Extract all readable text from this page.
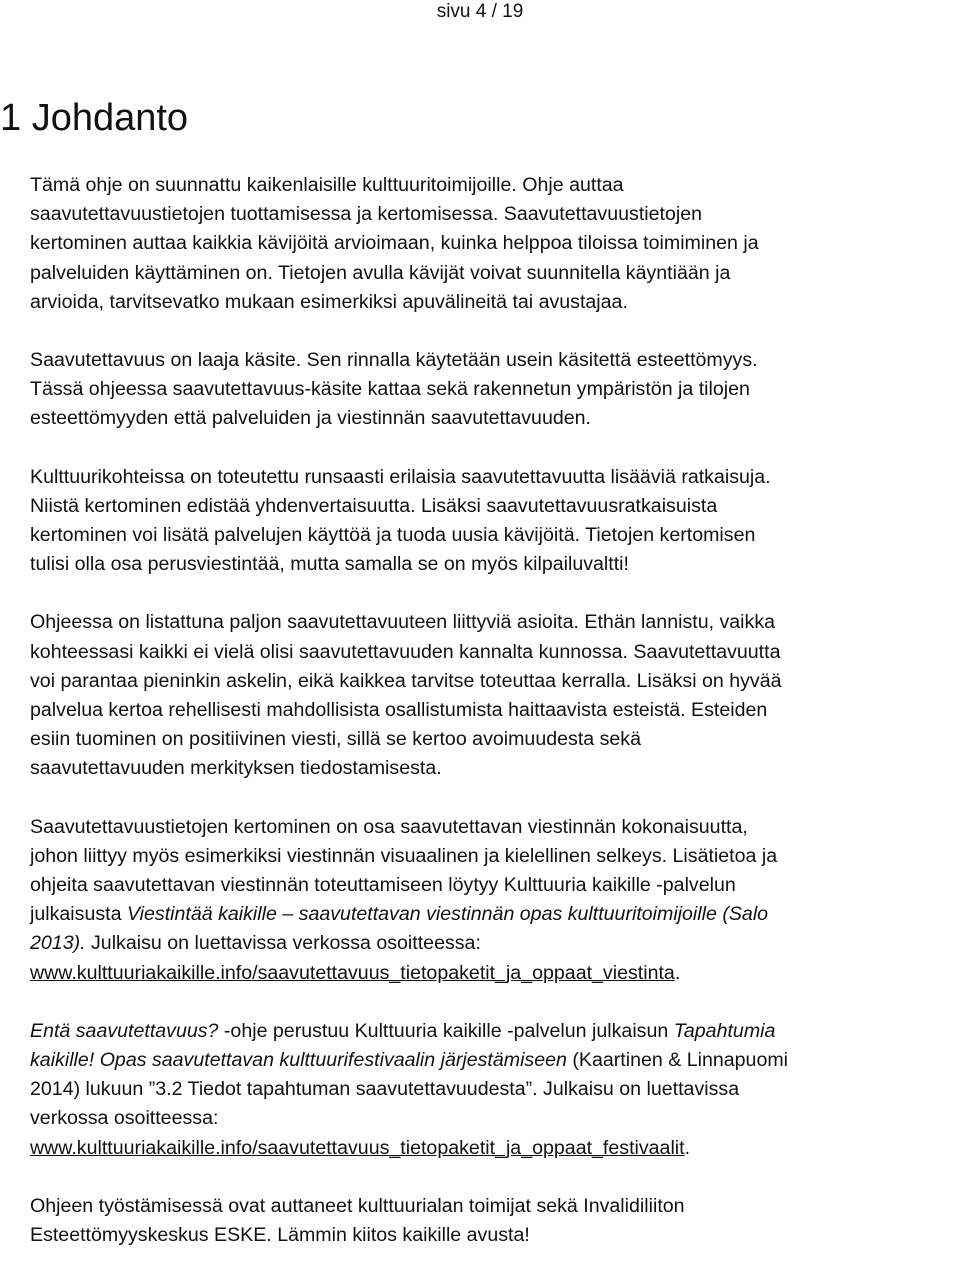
sivu 4 / 19
1 Johdanto

Tämä ohje on suunnattu kaikenlaisille kulttuuritoimijoille. Ohje auttaa
saavutettavuustietojen tuottamisessa ja kertomisessa. Saavutettavuustietojen
kertominen auttaa kaikkia kävijöitä arvioimaan, kuinka helppoa tiloissa toimiminen ja
palveluiden käyttäminen on. Tietojen avulla kävijät voivat suunnitella käyntiään ja
arvioida, tarvitsevatko mukaan esimerkiksi apuvälineitä tai avustajaa.

Saavutettavuus on laaja käsite. Sen rinnalla käytetään usein käsitettä esteettömyys.
Tässä ohjeessa saavutettavuus-käsite kattaa sekä rakennetun ympäristön ja tilojen
esteettömyyden että palveluiden ja viestinnän saavutettavuuden.

Kulttuurikohteissa on toteutettu runsaasti erilaisia saavutettavuutta lisääviä ratkaisuja.
Niistä kertominen edistää yhdenvertaisuutta. Lisäksi saavutettavuusratkaisuista
kertominen voi lisätä palvelujen käyttöä ja tuoda uusia kävijöitä. Tietojen kertomisen
tulisi olla osa perusviestintää, mutta samalla se on myös kilpailuvaltti!

Ohjeessa on listattuna paljon saavutettavuuteen liittyviä asioita. Ethän lannistu, vaikka
kohteessasi kaikki ei vielä olisi saavutettavuuden kannalta kunnossa. Saavutettavuutta
voi parantaa pieninkin askelin, eikä kaikkea tarvitse toteuttaa kerralla. Lisäksi on hyvää
palvelua kertoa rehellisesti mahdollisista osallistumista haittaavista esteistä. Esteiden
esiin tuominen on positiivinen viesti, sillä se kertoo avoimuudesta sekä
saavutettavuuden merkityksen tiedostamisesta.

Saavutettavuustietojen kertominen on osa saavutettavan viestinnän kokonaisuutta,
johon liittyy myös esimerkiksi viestinnän visuaalinen ja kielellinen selkeys. Lisätietoa ja
ohjeita saavutettavan viestinnän toteuttamiseen löytyy Kulttuuria kaikille -palvelun
julkaisusta Viestintää kaikille – saavutettavan viestinnän opas kulttuuritoimijoille (Salo
2013). Julkaisu on luettavissa verkossa osoitteessa:
www.kulttuuriakaikille.info/saavutettavuus_tietopaketit_ja_oppaat_viestinta.

Entä saavutettavuus? -ohje perustuu Kulttuuria kaikille -palvelun julkaisun Tapahtumia
kaikille! Opas saavutettavan kulttuurifestivaalin järjestämiseen (Kaartinen & Linnapuomi
2014) lukuun ”3.2 Tiedot tapahtuman saavutettavuudesta”. Julkaisu on luettavissa
verkossa osoitteessa:
www.kulttuuriakaikille.info/saavutettavuus_tietopaketit_ja_oppaat_festivaalit.

Ohjeen työstämisessä ovat auttaneet kulttuurialan toimijat sekä Invalidiliiton
Esteettömyyskeskus ESKE. Lämmin kiitos kaikille avusta!
